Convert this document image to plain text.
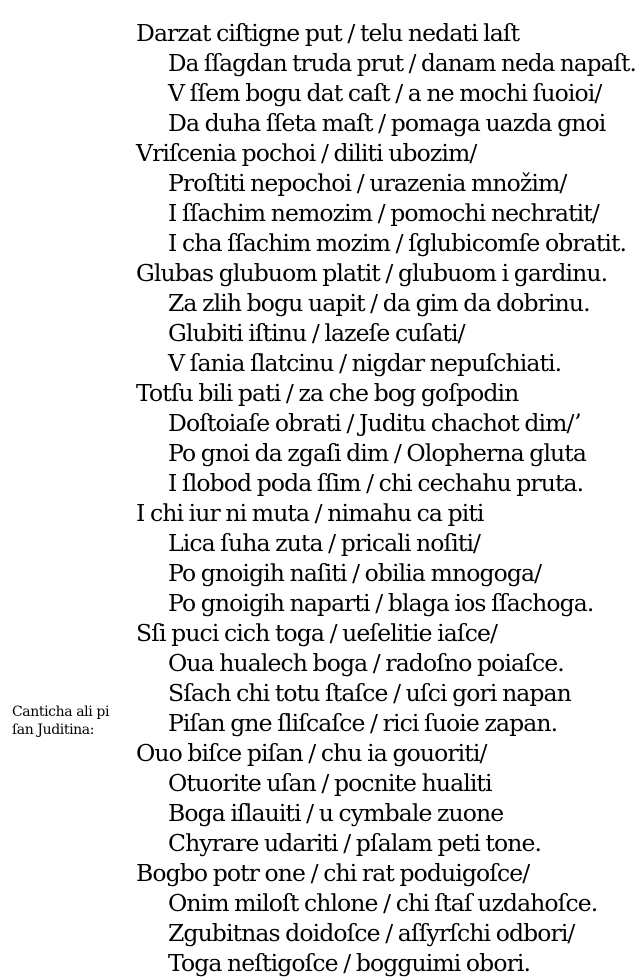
Canticha ali pi
ſan Juditina:
Darzat ciſtigne put / telu nedati laſt
Da ſſagdan truda prut / danam neda napaſt.
V ſſem bogu dat caſt / a ne mochi ſuoioi/
Da duha ſſeta maſt / pomaga uazda gnoi
Vriſcenia pochoi / diliti ubozim/
Proſtiti nepochoi / urazenia množim/
I ſſachim nemozim / pomochi nechratit/
I cha ſſachim mozim / ſglubicomſe obratit.
Glubas glubuom platit / glubuom i gardinu.
Za zlih bogu uapit / da gim da dobrinu.
Glubiti iſtinu / lazeſe cuſati/
V ſania ſlatcinu / nigdar nepuſchiati.
Totſu bili pati / za che bog goſpodin
Doſtoiaſe obrati / Juditu chachot dim/ʼ
Po gnoi da zgaſi dim / Olopherna gluta
I ſlobod poda ſſim / chi cechahu pruta.
I chi iur ni muta / nimahu ca piti
Lica ſuha zuta / pricali noſiti/
Po gnoigih naſiti / obilia mnogoga/
Po gnoigih naparti / blaga ios ſſachoga.
Sſi puci cich toga / ueſelitie iaſce/
Oua hualech boga / radoſno poiaſce.
Sſach chi totu ſtaſce / uſci gori napan
Piſan gne ſliſcaſce / rici ſuoie zapan.
Ouo biſce piſan / chu ia gouoriti/
Otuorite uſan / pocnite hualiti
Boga iſlauiti / u cymbale zuone
Chyrare udariti / pſalam peti tone.
Bogbo potr one / chi rat poduigoſce/
Onim miloſt chlone / chi ſtaſ uzdahoſce.
Zgubitnas doidoſce / aſſyrſchi odbori/
Toga neſtigoſce / bogguimi obori.
